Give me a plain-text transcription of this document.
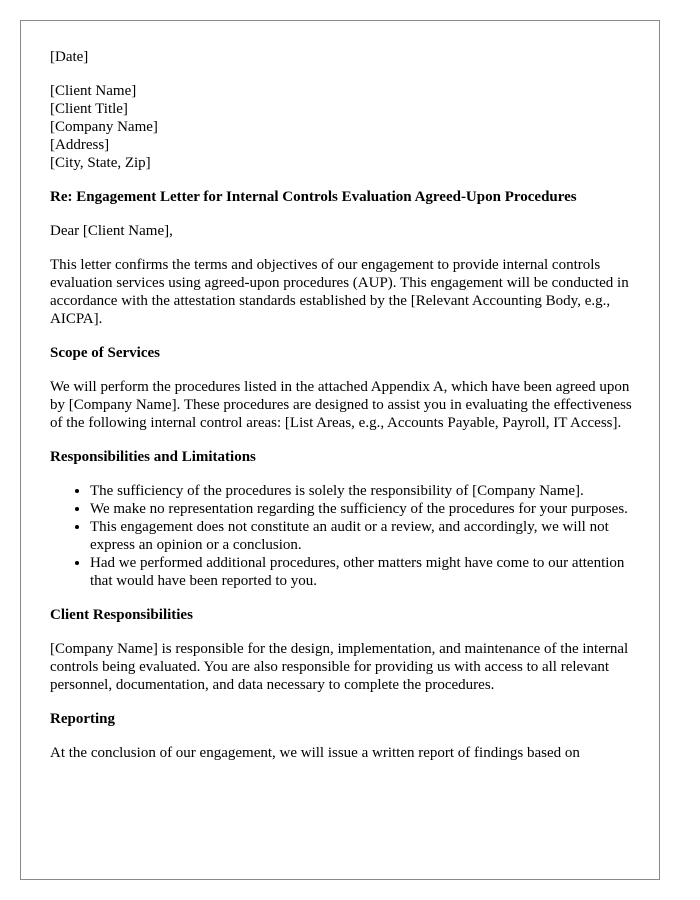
[Date]

[Client Name]

[Client Title]

[Company Name]

[Address]

[City, State, Zip]

Re: Engagement Letter for Internal Controls Evaluation Agreed-Upon Procedures

Dear [Client Name],

This letter confirms the terms and objectives of our engagement to provide internal controls evaluation services using agreed-upon procedures (AUP). This engagement will be conducted in accordance with the attestation standards established by the [Relevant Accounting Body, e.g., AICPA].

Scope of Services

We will perform the procedures listed in the attached Appendix A, which have been agreed upon by [Company Name]. These procedures are designed to assist you in evaluating the effectiveness of the following internal control areas: [List Areas, e.g., Accounts Payable, Payroll, IT Access].

Responsibilities and Limitations

• The sufficiency of the procedures is solely the responsibility of [Company Name].
• We make no representation regarding the sufficiency of the procedures for your purposes.
• This engagement does not constitute an audit or a review, and accordingly, we will not express an opinion or a conclusion.
• Had we performed additional procedures, other matters might have come to our attention that would have been reported to you.

Client Responsibilities

[Company Name] is responsible for the design, implementation, and maintenance of the internal controls being evaluated. You are also responsible for providing us with access to all relevant personnel, documentation, and data necessary to complete the procedures.

Reporting

At the conclusion of our engagement, we will issue a written report of findings based on
